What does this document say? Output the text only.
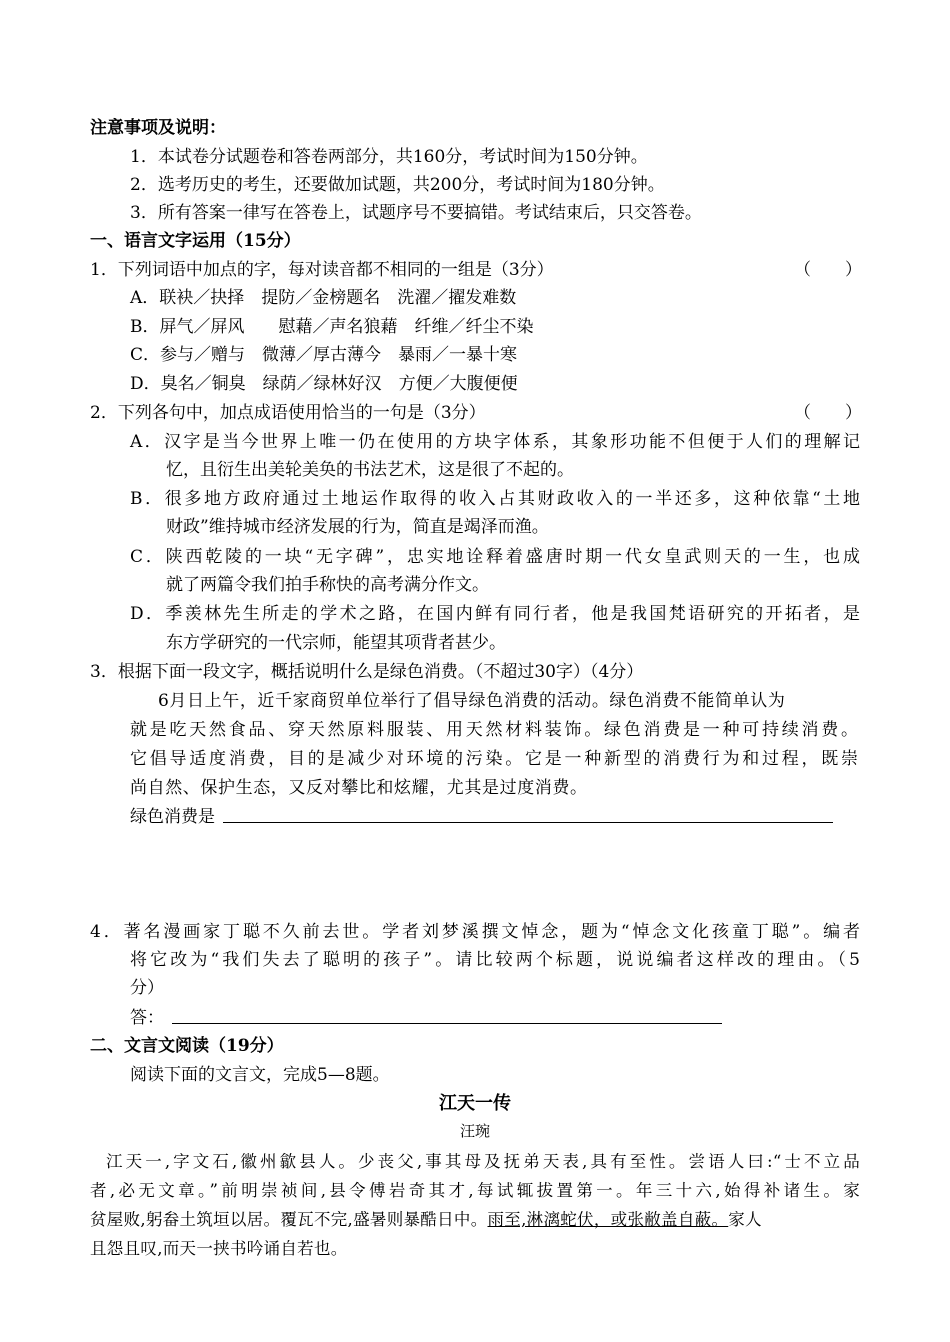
注意事项及说明：
1．本试卷分试题卷和答卷两部分，共160分，考试时间为150分钟。
2．选考历史的考生，还要做加试题，共200分，考试时间为180分钟。
3．所有答案一律写在答卷上，试题序号不要搞错。考试结束后，只交答卷。
一、语言文字运用（15分）
1．下列词语中加点的字，每对读音都不相同的一组是（3分）	（　　）
A．联袂／抉择　提防／金榜题名　洗濯／擢发难数
B．屏气／屏风　　慰藉／声名狼藉　纤维／纤尘不染
C．参与／赠与　微薄／厚古薄今　暴雨／一暴十寒
D．臭名／铜臭　绿荫／绿林好汉　方便／大腹便便
2．下列各句中，加点成语使用恰当的一句是（3分）	（　　）
A．汉字是当今世界上唯一仍在使用的方块字体系，其象形功能不但便于人们的理解记
忆，且衍生出美轮美奂的书法艺术，这是很了不起的。
B．很多地方政府通过土地运作取得的收入占其财政收入的一半还多，这种依靠“土地
财政”维持城市经济发展的行为，简直是竭泽而渔。
C．陕西乾陵的一块“无字碑”，忠实地诠释着盛唐时期一代女皇武则天的一生，也成
就了两篇令我们拍手称快的高考满分作文。
D．季羡林先生所走的学术之路，在国内鲜有同行者，他是我国梵语研究的开拓者，是
东方学研究的一代宗师，能望其项背者甚少。
3．根据下面一段文字，概括说明什么是绿色消费。（不超过30字）（4分）
6月日上午，近千家商贸单位举行了倡导绿色消费的活动。绿色消费不能简单认为
就是吃天然食品、穿天然原料服装、用天然材料装饰。绿色消费是一种可持续消费。
它倡导适度消费，目的是减少对环境的污染。它是一种新型的消费行为和过程，既崇
尚自然、保护生态，又反对攀比和炫耀，尤其是过度消费。
绿色消费是
4．著名漫画家丁聪不久前去世。学者刘梦溪撰文悼念，题为“悼念文化孩童丁聪”。编者
将它改为“我们失去了聪明的孩子”。请比较两个标题，说说编者这样改的理由。（5
分）
答：
二、文言文阅读（19分）
阅读下面的文言文，完成5—8题。
江天一传
汪琬
江天一,字文石,徽州歙县人。少丧父,事其母及抚弟天表,具有至性。尝语人曰:“士不立品
者,必无文章。”前明崇祯间,县令傅岩奇其才,每试辄拔置第一。年三十六,始得补诸生。家
贫屋败,躬畚土筑垣以居。覆瓦不完,盛暑则暴酷日中。雨至,淋漓蛇伏，或张敝盖自蔽。家人
且怨且叹,而天一挟书吟诵自若也。
